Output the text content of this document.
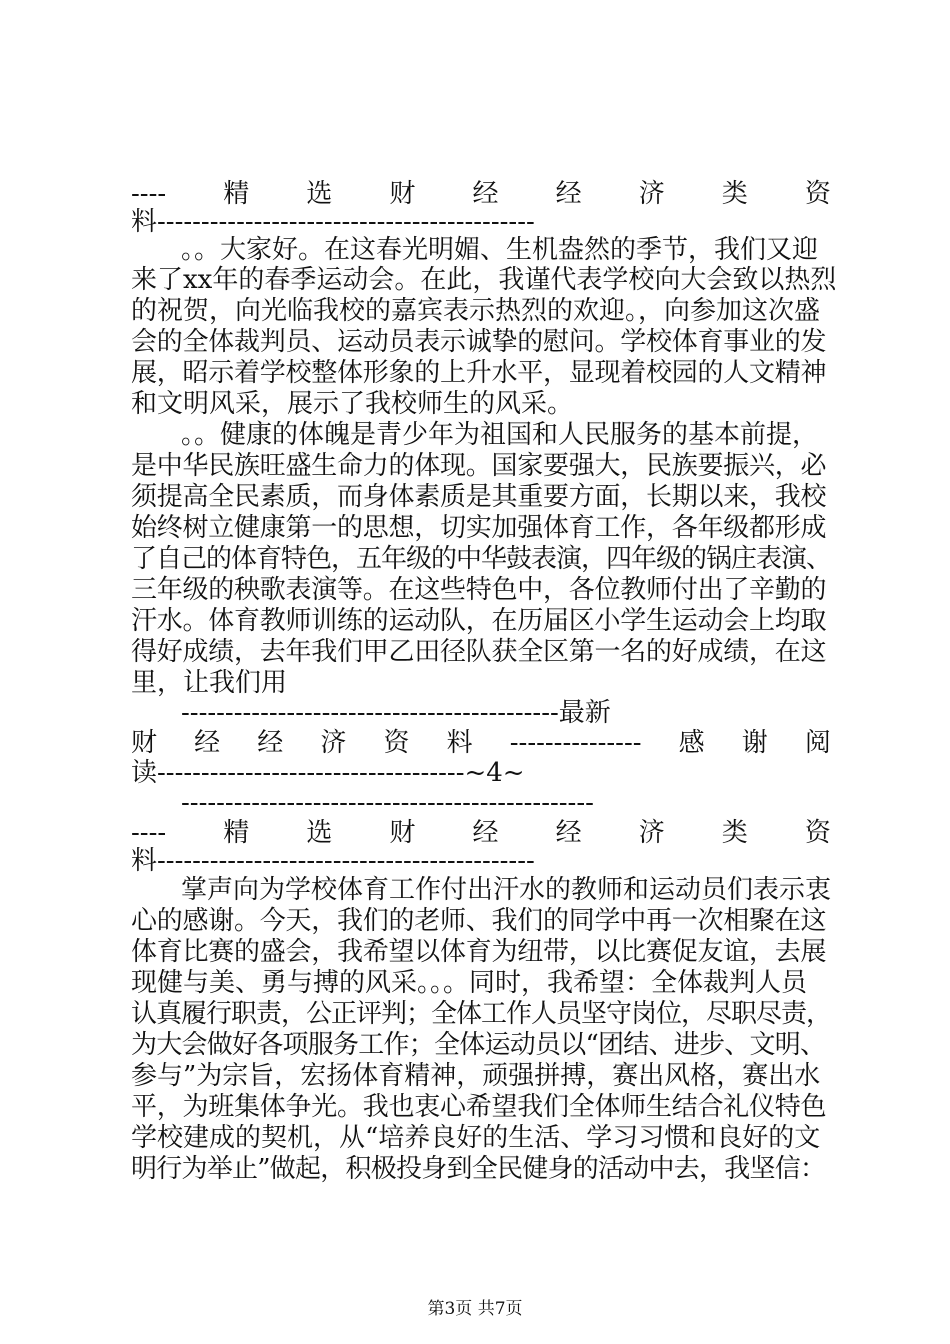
---- 精 选 财 经 经 济 类 资
料-------------------------------------------
。。大家好。在这春光明媚、生机盎然的季节，我们又迎
来了xx年的春季运动会。在此，我谨代表学校向大会致以热烈
的祝贺，向光临我校的嘉宾表示热烈的欢迎。，向参加这次盛
会的全体裁判员、运动员表示诚挚的慰问。学校体育事业的发
展，昭示着学校整体形象的上升水平，显现着校园的人文精神
和文明风采，展示了我校师生的风采。
。。健康的体魄是青少年为祖国和人民服务的基本前提，
是中华民族旺盛生命力的体现。国家要强大，民族要振兴，必
须提高全民素质，而身体素质是其重要方面，长期以来，我校
始终树立健康第一的思想，切实加强体育工作，各年级都形成
了自己的体育特色，五年级的中华鼓表演，四年级的锅庄表演、
三年级的秧歌表演等。在这些特色中，各位教师付出了辛勤的
汗水。体育教师训练的运动队，在历届区小学生运动会上均取
得好成绩，去年我们甲乙田径队获全区第一名的好成绩，在这
里，让我们用
-------------------------------------------最新
财 经 经 济 资 料 --------------- 感 谢 阅
读-----------------------------------~4~
-----------------------------------------------
---- 精 选 财 经 经 济 类 资
料-------------------------------------------
掌声向为学校体育工作付出汗水的教师和运动员们表示衷
心的感谢。今天，我们的老师、我们的同学中再一次相聚在这
体育比赛的盛会，我希望以体育为纽带，以比赛促友谊，去展
现健与美、勇与搏的风采。。。同时，我希望：全体裁判人员
认真履行职责，公正评判；全体工作人员坚守岗位，尽职尽责，
为大会做好各项服务工作；全体运动员以“团结、进步、文明、
参与”为宗旨，宏扬体育精神，顽强拼搏，赛出风格，赛出水
平，为班集体争光。我也衷心希望我们全体师生结合礼仪特色
学校建成的契机，从“培养良好的生活、学习习惯和良好的文
明行为举止”做起，积极投身到全民健身的活动中去，我坚信：
第3页 共7页
